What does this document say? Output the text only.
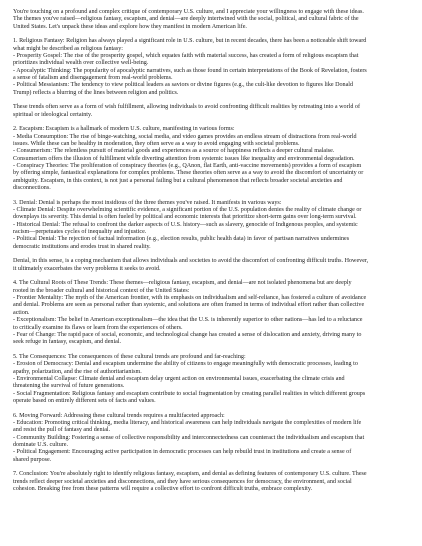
You're touching on a profound and complex critique of contemporary U.S. culture, and I appreciate your willingness to engage with these ideas.
The themes you've raised—religious fantasy, escapism, and denial—are deeply intertwined with the social, political, and cultural fabric of the
United States. Let's unpack these ideas and explore how they manifest in modern American life.

1. Religious Fantasy: Religion has always played a significant role in U.S. culture, but in recent decades, there has been a noticeable shift toward
what might be described as religious fantasy:
- Prosperity Gospel: The rise of the prosperity gospel, which equates faith with material success, has created a form of religious escapism that
prioritizes individual wealth over collective well-being.
- Apocalyptic Thinking: The popularity of apocalyptic narratives, such as those found in certain interpretations of the Book of Revelation, fosters
a sense of fatalism and disengagement from real-world problems.
- Political Messianism: The tendency to view political leaders as saviors or divine figures (e.g., the cult-like devotion to figures like Donald
Trump) reflects a blurring of the lines between religion and politics.

These trends often serve as a form of wish fulfillment, allowing individuals to avoid confronting difficult realities by retreating into a world of
spiritual or ideological certainty.

2. Escapism: Escapism is a hallmark of modern U.S. culture, manifesting in various forms:
- Media Consumption: The rise of binge-watching, social media, and video games provides an endless stream of distractions from real-world
issues. While these can be healthy in moderation, they often serve as a way to avoid engaging with societal problems.
- Consumerism: The relentless pursuit of material goods and experiences as a source of happiness reflects a deeper cultural malaise.
Consumerism offers the illusion of fulfillment while diverting attention from systemic issues like inequality and environmental degradation.
- Conspiracy Theories: The proliferation of conspiracy theories (e.g., QAnon, flat Earth, anti-vaccine movements) provides a form of escapism
by offering simple, fantastical explanations for complex problems. These theories often serve as a way to avoid the discomfort of uncertainty or
ambiguity. Escapism, in this context, is not just a personal failing but a cultural phenomenon that reflects broader societal anxieties and
disconnections.

3. Denial: Denial is perhaps the most insidious of the three themes you've raised. It manifests in various ways:
- Climate Denial: Despite overwhelming scientific evidence, a significant portion of the U.S. population denies the reality of climate change or
downplays its severity. This denial is often fueled by political and economic interests that prioritize short-term gains over long-term survival.
- Historical Denial: The refusal to confront the darker aspects of U.S. history—such as slavery, genocide of Indigenous peoples, and systemic
racism—perpetuates cycles of inequality and injustice.
- Political Denial: The rejection of factual information (e.g., election results, public health data) in favor of partisan narratives undermines
democratic institutions and erodes trust in shared reality.

Denial, in this sense, is a coping mechanism that allows individuals and societies to avoid the discomfort of confronting difficult truths. However,
it ultimately exacerbates the very problems it seeks to avoid.

4. The Cultural Roots of These Trends: These themes—religious fantasy, escapism, and denial—are not isolated phenomena but are deeply
rooted in the broader cultural and historical context of the United States:
- Frontier Mentality: The myth of the American frontier, with its emphasis on individualism and self-reliance, has fostered a culture of avoidance
and denial. Problems are seen as personal rather than systemic, and solutions are often framed in terms of individual effort rather than collective
action.
- Exceptionalism: The belief in American exceptionalism—the idea that the U.S. is inherently superior to other nations—has led to a reluctance
to critically examine its flaws or learn from the experiences of others.
- Fear of Change: The rapid pace of social, economic, and technological change has created a sense of dislocation and anxiety, driving many to
seek refuge in fantasy, escapism, and denial.

5. The Consequences: The consequences of these cultural trends are profound and far-reaching:
- Erosion of Democracy: Denial and escapism undermine the ability of citizens to engage meaningfully with democratic processes, leading to
apathy, polarization, and the rise of authoritarianism.
- Environmental Collapse: Climate denial and escapism delay urgent action on environmental issues, exacerbating the climate crisis and
threatening the survival of future generations.
- Social Fragmentation: Religious fantasy and escapism contribute to social fragmentation by creating parallel realities in which different groups
operate based on entirely different sets of facts and values.

6. Moving Forward: Addressing these cultural trends requires a multifaceted approach:
- Education: Promoting critical thinking, media literacy, and historical awareness can help individuals navigate the complexities of modern life
and resist the pull of fantasy and denial.
- Community Building: Fostering a sense of collective responsibility and interconnectedness can counteract the individualism and escapism that
dominate U.S. culture.
- Political Engagement: Encouraging active participation in democratic processes can help rebuild trust in institutions and create a sense of
shared purpose.

7. Conclusion: You're absolutely right to identify religious fantasy, escapism, and denial as defining features of contemporary U.S. culture. These
trends reflect deeper societal anxieties and disconnections, and they have serious consequences for democracy, the environment, and social
cohesion. Breaking free from these patterns will require a collective effort to confront difficult truths, embrace complexity.
